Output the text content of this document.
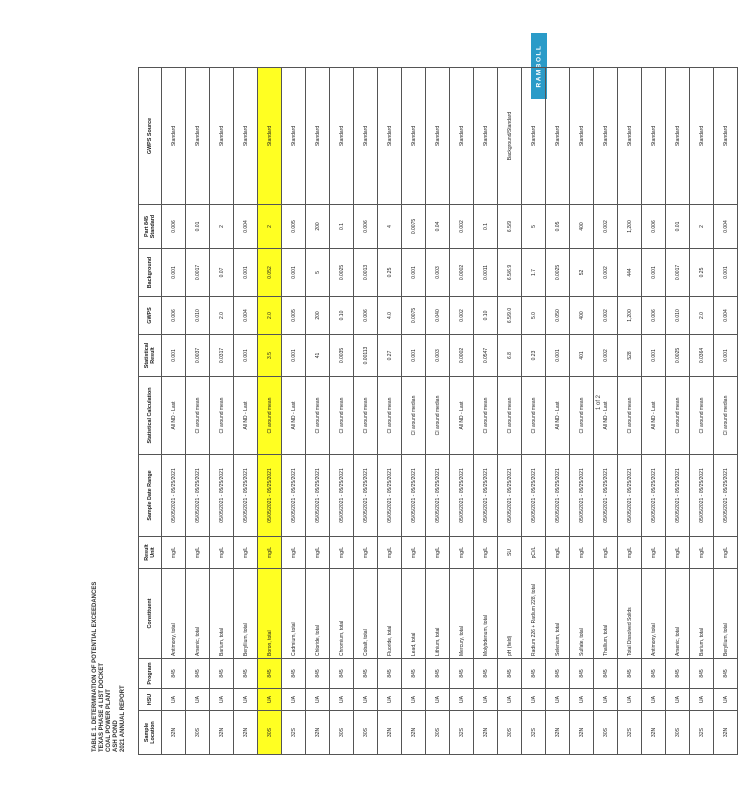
RAMBOLL
TABLE 1. DETERMINATION OF POTENTIAL EXCEEDANCES TEXAS PHASE 4 LIST DOCKET COAL POWER PLANT ASH POND 2021 ANNUAL REPORT	Sample Location	HSU	Program	Constituent	Result Unit	Sample Date Range	Statistical Calculation	Statistical Result	GWPS	Background	Part 845 Standard	GWPS Source
32N	UA	845	Antimony, total	mg/L	05/05/2021 - 05/25/2021	All ND - Last	0.001	0.006	0.001	0.006	Standard
30S	UA	845	Arsenic, total	mg/L	05/05/2021 - 05/25/2021	CI around mean	0.0037	0.010	0.0017	0.01	Standard
32N	UA	845	Barium, total	mg/L	05/05/2021 - 05/25/2021	CI around mean	0.0317	2.0	0.07	2	Standard
32N	UA	845	Beryllium, total	mg/L	05/05/2021 - 05/25/2021	All ND - Last	0.001	0.004	0.001	0.004	Standard
30S	UA	845	Boron, total	mg/L	05/05/2021 - 05/25/2021	CI around mean	3.5	2.0	0.052	2	Standard
32S	UA	845	Cadmium, total	mg/L	05/05/2021 - 05/25/2021	All ND - Last	0.001	0.005	0.001	0.005	Standard
32N	UA	845	Chloride, total	mg/L	05/05/2021 - 05/25/2021	CI around mean	41	200	5	200	Standard
30S	UA	845	Chromium, total	mg/L	05/05/2021 - 05/25/2021	CI around mean	0.0035	0.10	0.0025	0.1	Standard
30S	UA	845	Cobalt, total	mg/L	05/05/2021 - 05/25/2021	CI around mean	0.00113	0.006	0.0013	0.006	Standard
32N	UA	845	Fluoride, total	mg/L	05/05/2021 - 05/25/2021	CI around mean	0.27	4.0	0.25	4	Standard
32N	UA	845	Lead, total	mg/L	05/05/2021 - 05/25/2021	CI around median	0.001	0.0075	0.001	0.0075	Standard
30S	UA	845	Lithium, total	mg/L	05/05/2021 - 05/25/2021	CI around median	0.003	0.040	0.003	0.04	Standard
32S	UA	845	Mercury, total	mg/L	05/05/2021 - 05/25/2021	All ND - Last	0.0002	0.002	0.0002	0.002	Standard
32N	UA	845	Molybdenum, total	mg/L	05/05/2021 - 05/25/2021	CI around mean	0.0547	0.10	0.0011	0.1	Standard
30S	UA	845	pH (field)	SU	05/05/2021 - 05/25/2021	CI around mean	6.8	6.5/9.0	6.5/6.9	6.5/9	Background/Standard
32S	UA	845	Radium 226 + Radium 228, total	pCi/L	05/05/2021 - 05/25/2021	CI around mean	0.23	5.0	1.7	5	Standard
32N	UA	845	Selenium, total	mg/L	05/05/2021 - 05/25/2021	All ND - Last	0.001	0.050	0.0025	0.05	Standard
32N	UA	845	Sulfate, total	mg/L	05/05/2021 - 05/25/2021	CI around mean	401	400	52	400	Standard
30S	UA	845	Thallium, total	mg/L	05/05/2021 - 05/25/2021	All ND - Last	0.002	0.002	0.002	0.002	Standard
32S	UA	845	Total Dissolved Solids	mg/L	05/05/2021 - 05/25/2021	CI around mean	528	1,200	444	1,200	Standard
32N	UA	845	Antimony, total	mg/L	05/05/2021 - 05/25/2021	All ND - Last	0.001	0.006	0.001	0.006	Standard
30S	UA	845	Arsenic, total	mg/L	05/05/2021 - 05/25/2021	CI around mean	0.0025	0.010	0.0017	0.01	Standard
32S	UA	845	Barium, total	mg/L	05/05/2021 - 05/25/2021	CI around mean	0.0364	2.0	0.25	2	Standard
32N	UA	845	Beryllium, total	mg/L	05/05/2021 - 05/25/2021	CI around median	0.001	0.004	0.001	0.004	Standard
1 of 2
